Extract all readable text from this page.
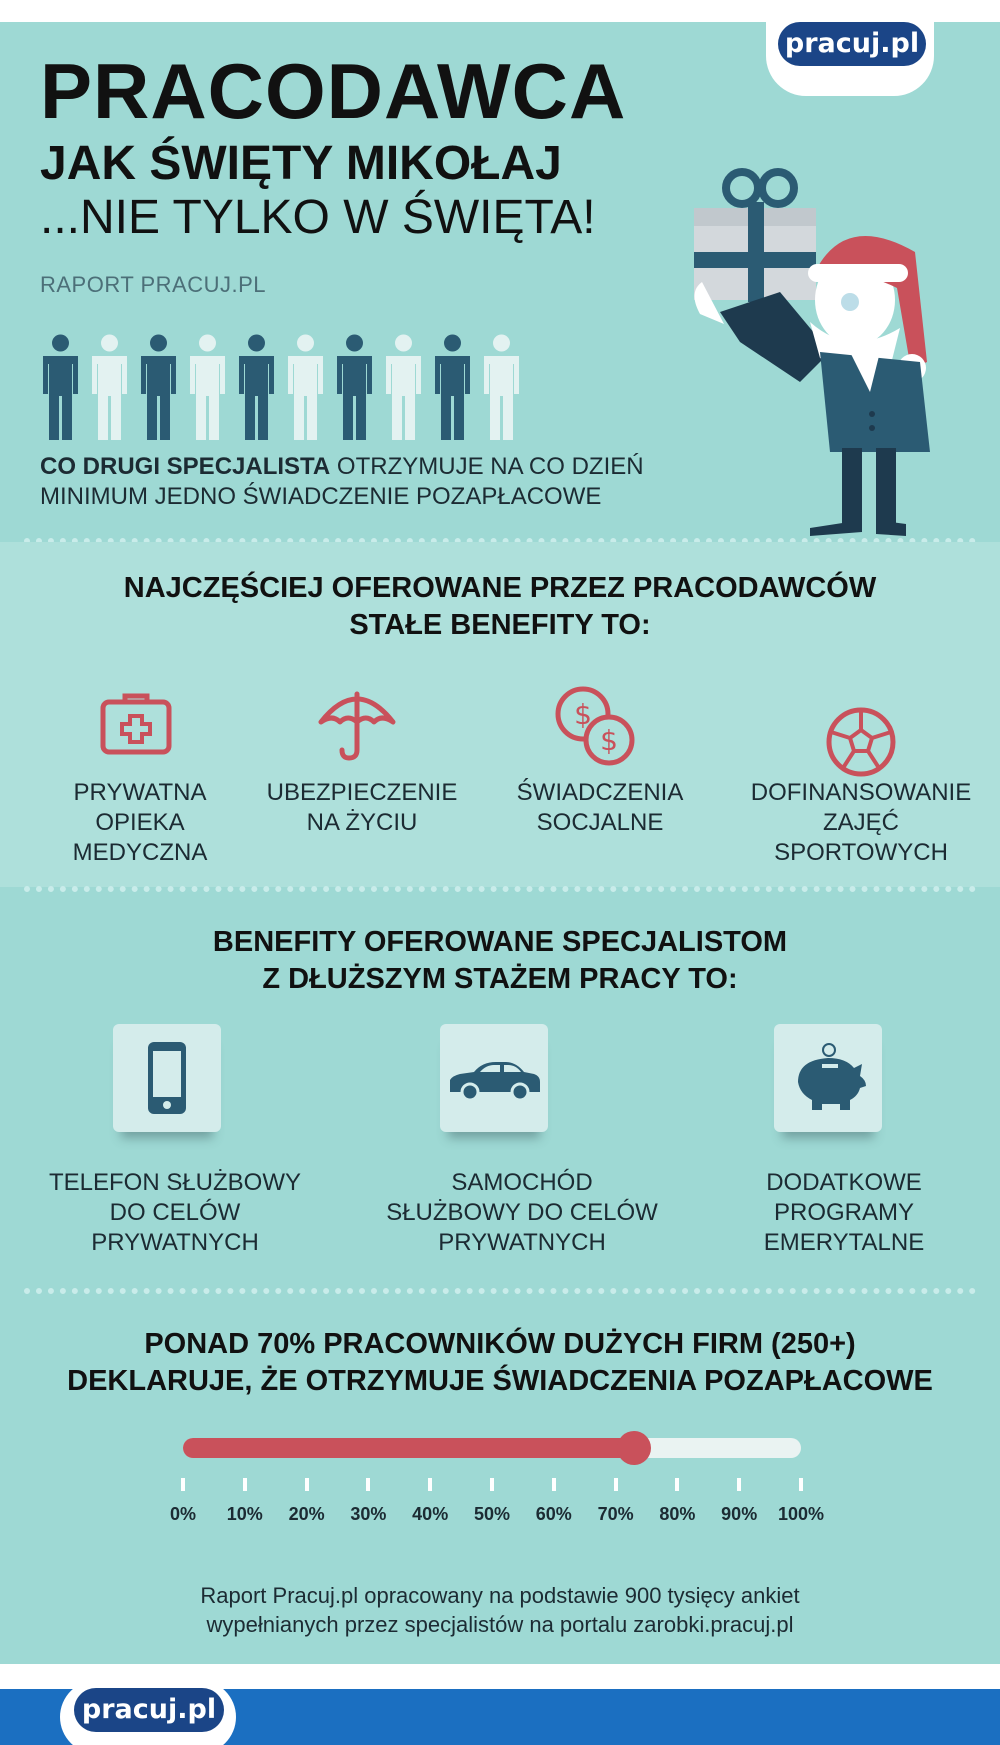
pracuj.pl
PRACODAWCA
JAK ŚWIĘTY MIKOŁAJ
...NIE TYLKO W ŚWIĘTA!
RAPORT PRACUJ.PL
CO DRUGI SPECJALISTA OTRZYMUJE NA CO DZIEŃ
MINIMUM JEDNO ŚWIADCZENIE POZAPŁACOWE
NAJCZĘŚCIEJ OFEROWANE PRZEZ PRACODAWCÓW
STAŁE BENEFITY TO:
$
$
PRYWATNA
OPIEKA
MEDYCZNA
UBEZPIECZENIE
NA ŻYCIU
ŚWIADCZENIA
SOCJALNE
DOFINANSOWANIE
ZAJĘĆ
SPORTOWYCH
BENEFITY OFEROWANE SPECJALISTOM
Z DŁUŻSZYM STAŻEM PRACY TO:
TELEFON SŁUŻBOWY
DO CELÓW
PRYWATNYCH
SAMOCHÓD
SŁUŻBOWY DO CELÓW
PRYWATNYCH
DODATKOWE
PROGRAMY
EMERYTALNE
PONAD 70% PRACOWNIKÓW DUŻYCH FIRM (250+)
DEKLARUJE, ŻE OTRZYMUJE ŚWIADCZENIA POZAPŁACOWE
0%	10%	20%	30%	40%	50%	60%	70%	80%	90%	100%
Raport Pracuj.pl opracowany na podstawie 900 tysięcy ankiet
wypełnianych przez specjalistów na portalu zarobki.pracuj.pl
pracuj.pl
